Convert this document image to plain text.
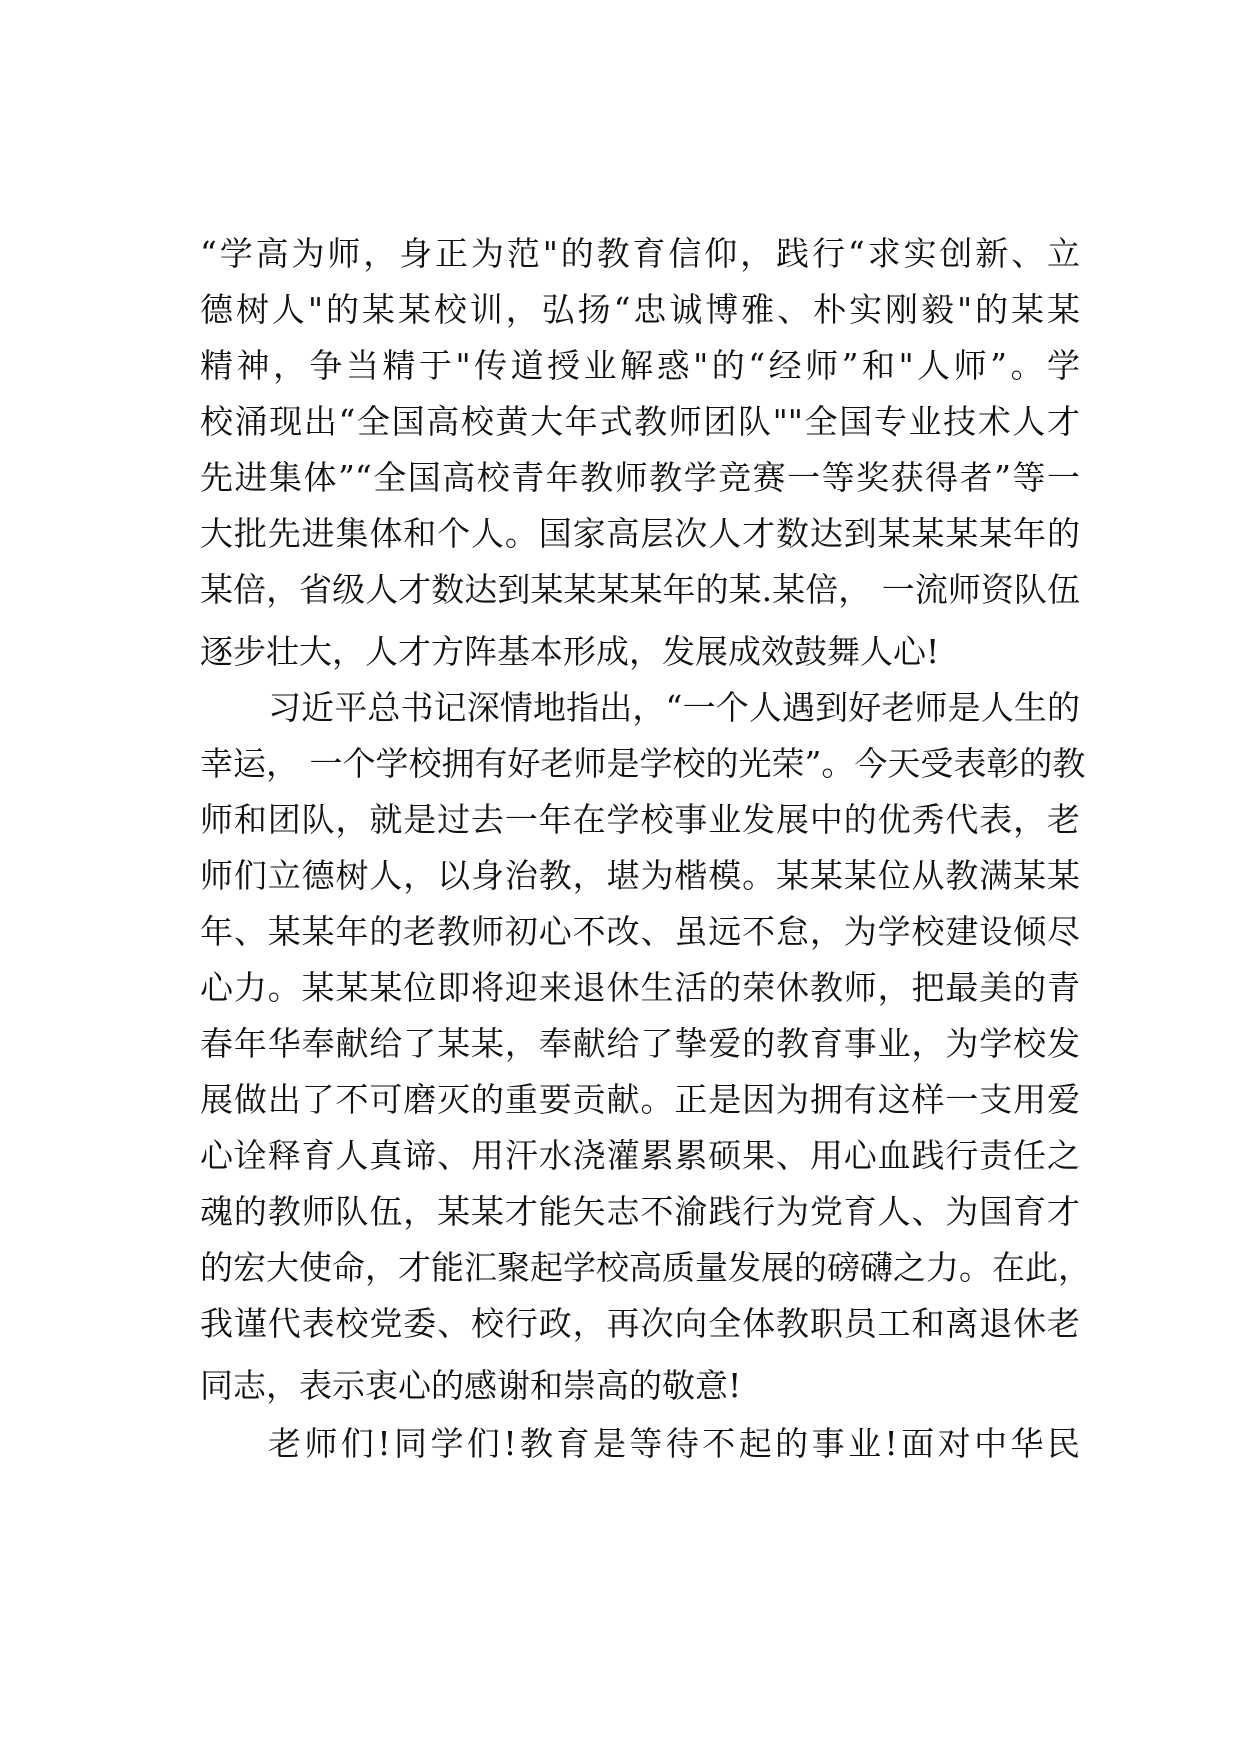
“学高为师，身正为范"的教育信仰，践行“求实创新、立
德树人"的某某校训，弘扬“忠诚博雅、朴实刚毅"的某某
精神，争当精于"传道授业解惑"的“经师”和"人师”。学
校涌现出“全国高校黄大年式教师团队""全国专业技术人才
先进集体”“全国高校青年教师教学竞赛一等奖获得者”等一
大批先进集体和个人。国家高层次人才数达到某某某某年的
某倍，省级人才数达到某某某某年的某.某倍， 一流师资队伍
逐步壮大，人才方阵基本形成，发展成效鼓舞人心!
习近平总书记深情地指出，“一个人遇到好老师是人生的
幸运， 一个学校拥有好老师是学校的光荣”。今天受表彰的教
师和团队，就是过去一年在学校事业发展中的优秀代表，老
师们立德树人，以身治教，堪为楷模。某某某位从教满某某
年、某某年的老教师初心不改、虽远不怠，为学校建设倾尽
心力。某某某位即将迎来退休生活的荣休教师，把最美的青
春年华奉献给了某某，奉献给了挚爱的教育事业，为学校发
展做出了不可磨灭的重要贡献。正是因为拥有这样一支用爱
心诠释育人真谛、用汗水浇灌累累硕果、用心血践行责任之
魂的教师队伍，某某才能矢志不渝践行为党育人、为国育才
的宏大使命，才能汇聚起学校高质量发展的磅礴之力。在此，
我谨代表校党委、校行政，再次向全体教职员工和离退休老
同志，表示衷心的感谢和崇高的敬意!
老师们!同学们!教育是等待不起的事业!面对中华民
